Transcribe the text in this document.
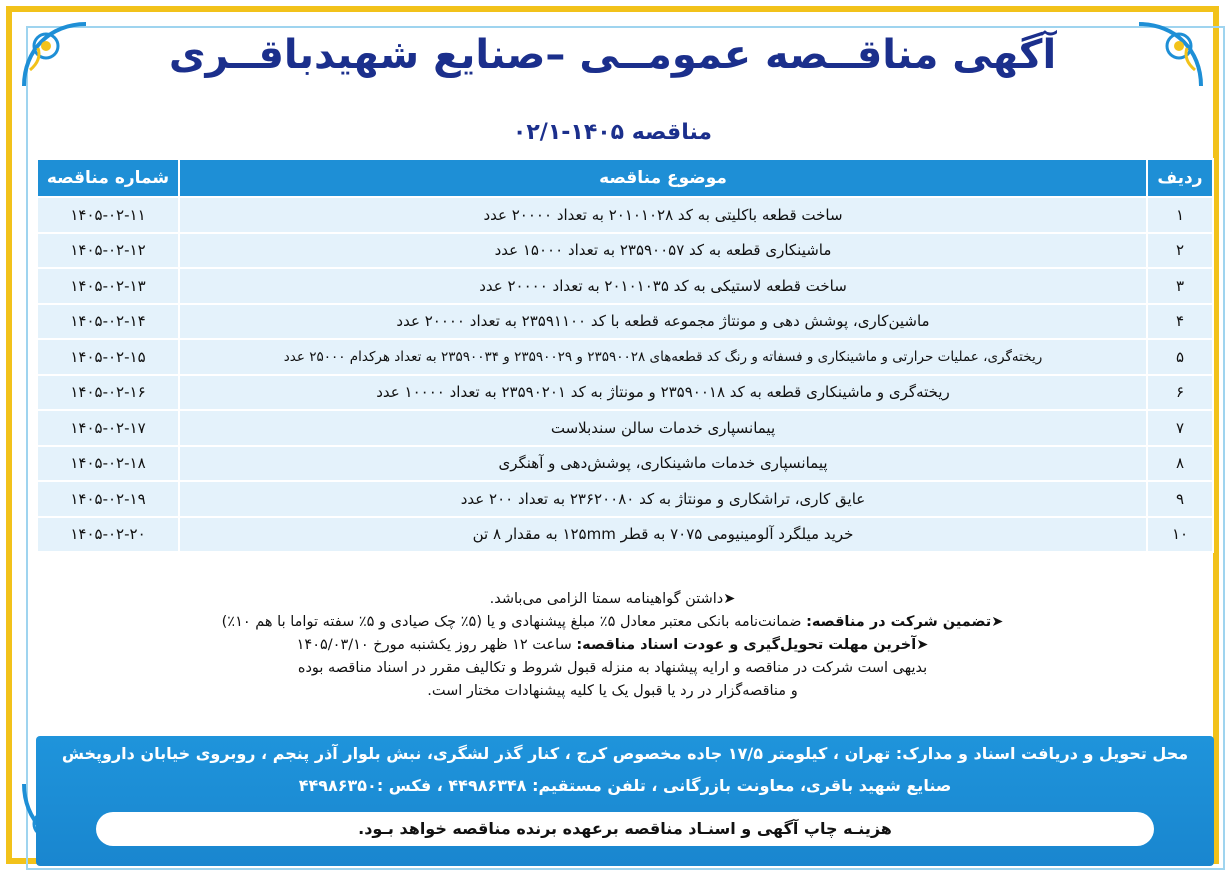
آگهی مناقــصه عمومــی –صنایع شهیدباقــری
مناقصه ۱۴۰۵-۰۲/۱
ردیف	موضوع مناقصه	شماره مناقصه
۱	ساخت قطعه باکلیتی به کد ۲۰۱۰۱۰۲۸ به تعداد ۲۰۰۰۰ عدد	۱۴۰۵-۰۲-۱۱
۲	ماشینکاری قطعه به کد ۲۳۵۹۰۰۵۷ به تعداد ۱۵۰۰۰ عدد	۱۴۰۵-۰۲-۱۲
۳	ساخت قطعه لاستیکی به کد ۲۰۱۰۱۰۳۵ به تعداد ۲۰۰۰۰ عدد	۱۴۰۵-۰۲-۱۳
۴	ماشین‌کاری، پوشش دهی و مونتاژ مجموعه قطعه با کد ۲۳۵۹۱۱۰۰ به تعداد ۲۰۰۰۰ عدد	۱۴۰۵-۰۲-۱۴
۵	ریخته‌گری، عملیات حرارتی و ماشینکاری و فسفاته و رنگ کد قطعه‌های ۲۳۵۹۰۰۲۸ و ۲۳۵۹۰۰۲۹ و ۲۳۵۹۰۰۳۴ به تعداد هرکدام ۲۵۰۰۰ عدد	۱۴۰۵-۰۲-۱۵
۶	ریخته‌گری و ماشینکاری قطعه به کد ۲۳۵۹۰۰۱۸ و مونتاژ به کد ۲۳۵۹۰۲۰۱ به تعداد ۱۰۰۰۰ عدد	۱۴۰۵-۰۲-۱۶
۷	پیمانسپاری خدمات سالن سندبلاست	۱۴۰۵-۰۲-۱۷
۸	پیمانسپاری خدمات ماشینکاری، پوشش‌دهی و آهنگری	۱۴۰۵-۰۲-۱۸
۹	عایق کاری، تراشکاری و مونتاژ به کد ۲۳۶۲۰۰۸۰ به تعداد ۲۰۰ عدد	۱۴۰۵-۰۲-۱۹
۱۰	خرید میلگرد آلومینیومی ۷۰۷۵ به قطر ۱۲۵mm به مقدار ۸ تن	۱۴۰۵-۰۲-۲۰
➤داشتن گواهینامه سمتا الزامی می‌باشد.
➤تضمین شرکت در مناقصه: ضمانت‌نامه بانکی معتبر معادل ۵٪ مبلغ پیشنهادی و یا (۵٪ چک صیادی و ۵٪ سفته تواما با هم ۱۰٪)
➤آخرین مهلت تحویل‌گیری و عودت اسناد مناقصه: ساعت ۱۲ ظهر روز یکشنبه مورخ ۱۴۰۵/۰۳/۱۰
بدیهی است شرکت در مناقصه و ارایه پیشنهاد به منزله قبول شروط و تکالیف مقرر در اسناد مناقصه بوده
و مناقصه‌گزار در رد یا قبول یک یا کلیه پیشنهادات مختار است.
محل تحویل و دریافت اسناد و مدارک: تهران ، کیلومتر ۱۷/۵ جاده مخصوص کرج ، کنار گذر لشگری، نبش بلوار آذر پنجم ، روبروی خیابان داروپخش
صنایع شهید باقری، معاونت بازرگانی ، تلفن مستقیم: ۴۴۹۸۶۳۴۸ ، فکس :۴۴۹۸۶۳۵۰
هزینـه چاپ آگهی و اسنـاد مناقصه برعهده برنده مناقصه خواهد بـود.
